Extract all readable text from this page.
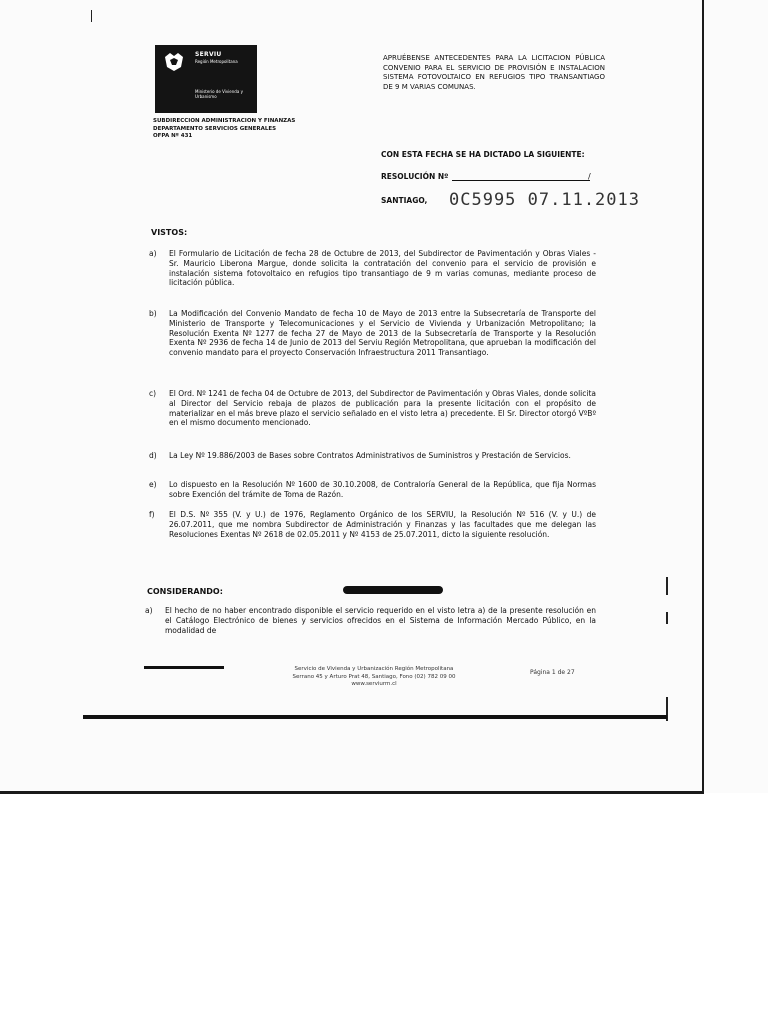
SERVIU
Región Metropolitana
Ministerio de Vivienda y Urbanismo
SUBDIRECCION ADMINISTRACION Y FINANZAS
DEPARTAMENTO SERVICIOS GENERALES
OFPA Nº 431
APRUÉBENSE ANTECEDENTES PARA LA LICITACION PÚBLICA CONVENIO PARA EL SERVICIO DE PROVISIÓN E INSTALACION SISTEMA FOTOVOLTAICO EN REFUGIOS TIPO TRANSANTIAGO DE 9 M VARIAS COMUNAS.
CON ESTA FECHA SE HA DICTADO LA SIGUIENTE:
RESOLUCIÓN Nº	/
SANTIAGO, 0C5995 07.11.2013
VISTOS:
a)	El Formulario de Licitación de fecha 28 de Octubre de 2013, del Subdirector de Pavimentación y Obras Viales - Sr. Mauricio Liberona Margue, donde solicita la contratación del convenio para el servicio de provisión e instalación sistema fotovoltaico en refugios tipo transantiago de 9 m varias comunas, mediante proceso de licitación pública.
b)	La Modificación del Convenio Mandato de fecha 10 de Mayo de 2013 entre la Subsecretaría de Transporte del Ministerio de Transporte y Telecomunicaciones y el Servicio de Vivienda y Urbanización Metropolitano; la Resolución Exenta Nº 1277 de fecha 27 de Mayo de 2013 de la Subsecretaría de Transporte y la Resolución Exenta Nº 2936 de fecha 14 de Junio de 2013 del Serviu Región Metropolitana, que aprueban la modificación del convenio mandato para el proyecto Conservación Infraestructura 2011 Transantiago.
c)	El Ord. Nº 1241 de fecha 04 de Octubre de 2013, del Subdirector de Pavimentación y Obras Viales, donde solicita al Director del Servicio rebaja de plazos de publicación para la presente licitación con el propósito de materializar en el más breve plazo el servicio señalado en el visto letra a) precedente. El Sr. Director otorgó VºBº en el mismo documento mencionado.
d)	La Ley Nº 19.886/2003 de Bases sobre Contratos Administrativos de Suministros y Prestación de Servicios.
e)	Lo dispuesto en la Resolución Nº 1600 de 30.10.2008, de Contraloría General de la República, que fija Normas sobre Exención del trámite de Toma de Razón.
f)	El D.S. Nº 355 (V. y U.) de 1976, Reglamento Orgánico de los SERVIU, la Resolución Nº 516 (V. y U.) de 26.07.2011, que me nombra Subdirector de Administración y Finanzas y las facultades que me delegan las Resoluciones Exentas Nº 2618 de 02.05.2011 y Nº 4153 de 25.07.2011, dicto la siguiente resolución.
CONSIDERANDO:
a)	El hecho de no haber encontrado disponible el servicio requerido en el visto letra a) de la presente resolución en el Catálogo Electrónico de bienes y servicios ofrecidos en el Sistema de Información Mercado Público, en la modalidad de
Servicio de Vivienda y Urbanización Región Metropolitana
Serrano 45 y Arturo Prat 48, Santiago, Fono (02) 782 09 00
www.serviurm.cl
Página 1 de 27
